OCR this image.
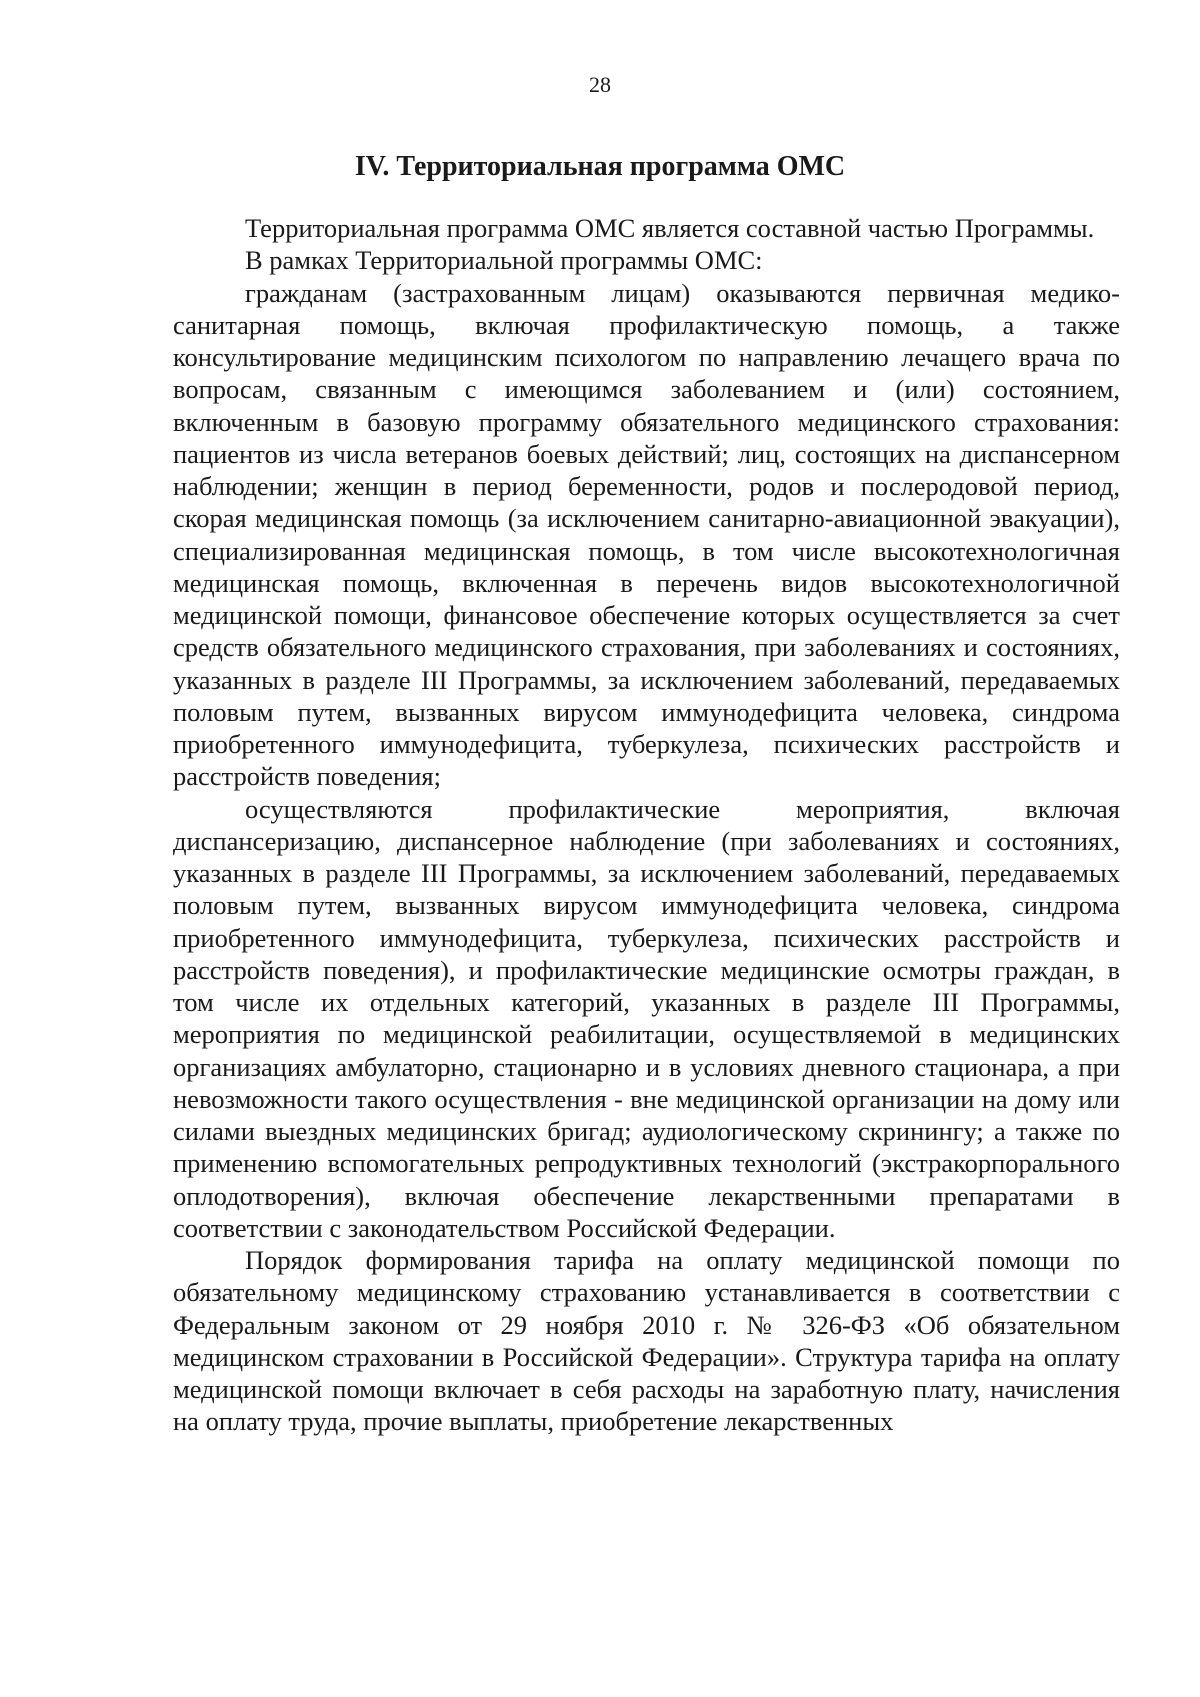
28
IV. Территориальная программа ОМС

Территориальная программа ОМС является составной частью Программы.

В рамках Территориальной программы ОМС:

гражданам (застрахованным лицам) оказываются первичная медико-санитарная помощь, включая профилактическую помощь, а также консультирование медицинским психологом по направлению лечащего врача по вопросам, связанным с имеющимся заболеванием и (или) состоянием, включенным в базовую программу обязательного медицинского страхования: пациентов из числа ветеранов боевых действий; лиц, состоящих на диспансерном наблюдении; женщин в период беременности, родов и послеродовой период, скорая медицинская помощь (за исключением санитарно-авиационной эвакуации), специализированная медицинская помощь, в том числе высокотехнологичная медицинская помощь, включенная в перечень видов высокотехнологичной медицинской помощи, финансовое обеспечение которых осуществляется за счет средств обязательного медицинского страхования, при заболеваниях и состояниях, указанных в разделе III Программы, за исключением заболеваний, передаваемых половым путем, вызванных вирусом иммунодефицита человека, синдрома приобретенного иммунодефицита, туберкулеза, психических расстройств и расстройств поведения;

осуществляются профилактические мероприятия, включая диспансеризацию, диспансерное наблюдение (при заболеваниях и состояниях, указанных в разделе III Программы, за исключением заболеваний, передаваемых половым путем, вызванных вирусом иммунодефицита человека, синдрома приобретенного иммунодефицита, туберкулеза, психических расстройств и расстройств поведения), и профилактические медицинские осмотры граждан, в том числе их отдельных категорий, указанных в разделе III Программы, мероприятия по медицинской реабилитации, осуществляемой в медицинских организациях амбулаторно, стационарно и в условиях дневного стационара, а при невозможности такого осуществления - вне медицинской организации на дому или силами выездных медицинских бригад; аудиологическому скринингу; а также по применению вспомогательных репродуктивных технологий (экстракорпорального оплодотворения), включая обеспечение лекарственными препаратами в соответствии с законодательством Российской Федерации.

Порядок формирования тарифа на оплату медицинской помощи по обязательному медицинскому страхованию устанавливается в соответствии с Федеральным законом от 29 ноября 2010 г. № 326-ФЗ «Об обязательном медицинском страховании в Российской Федерации». Структура тарифа на оплату медицинской помощи включает в себя расходы на заработную плату, начисления на оплату труда, прочие выплаты, приобретение лекарственных
